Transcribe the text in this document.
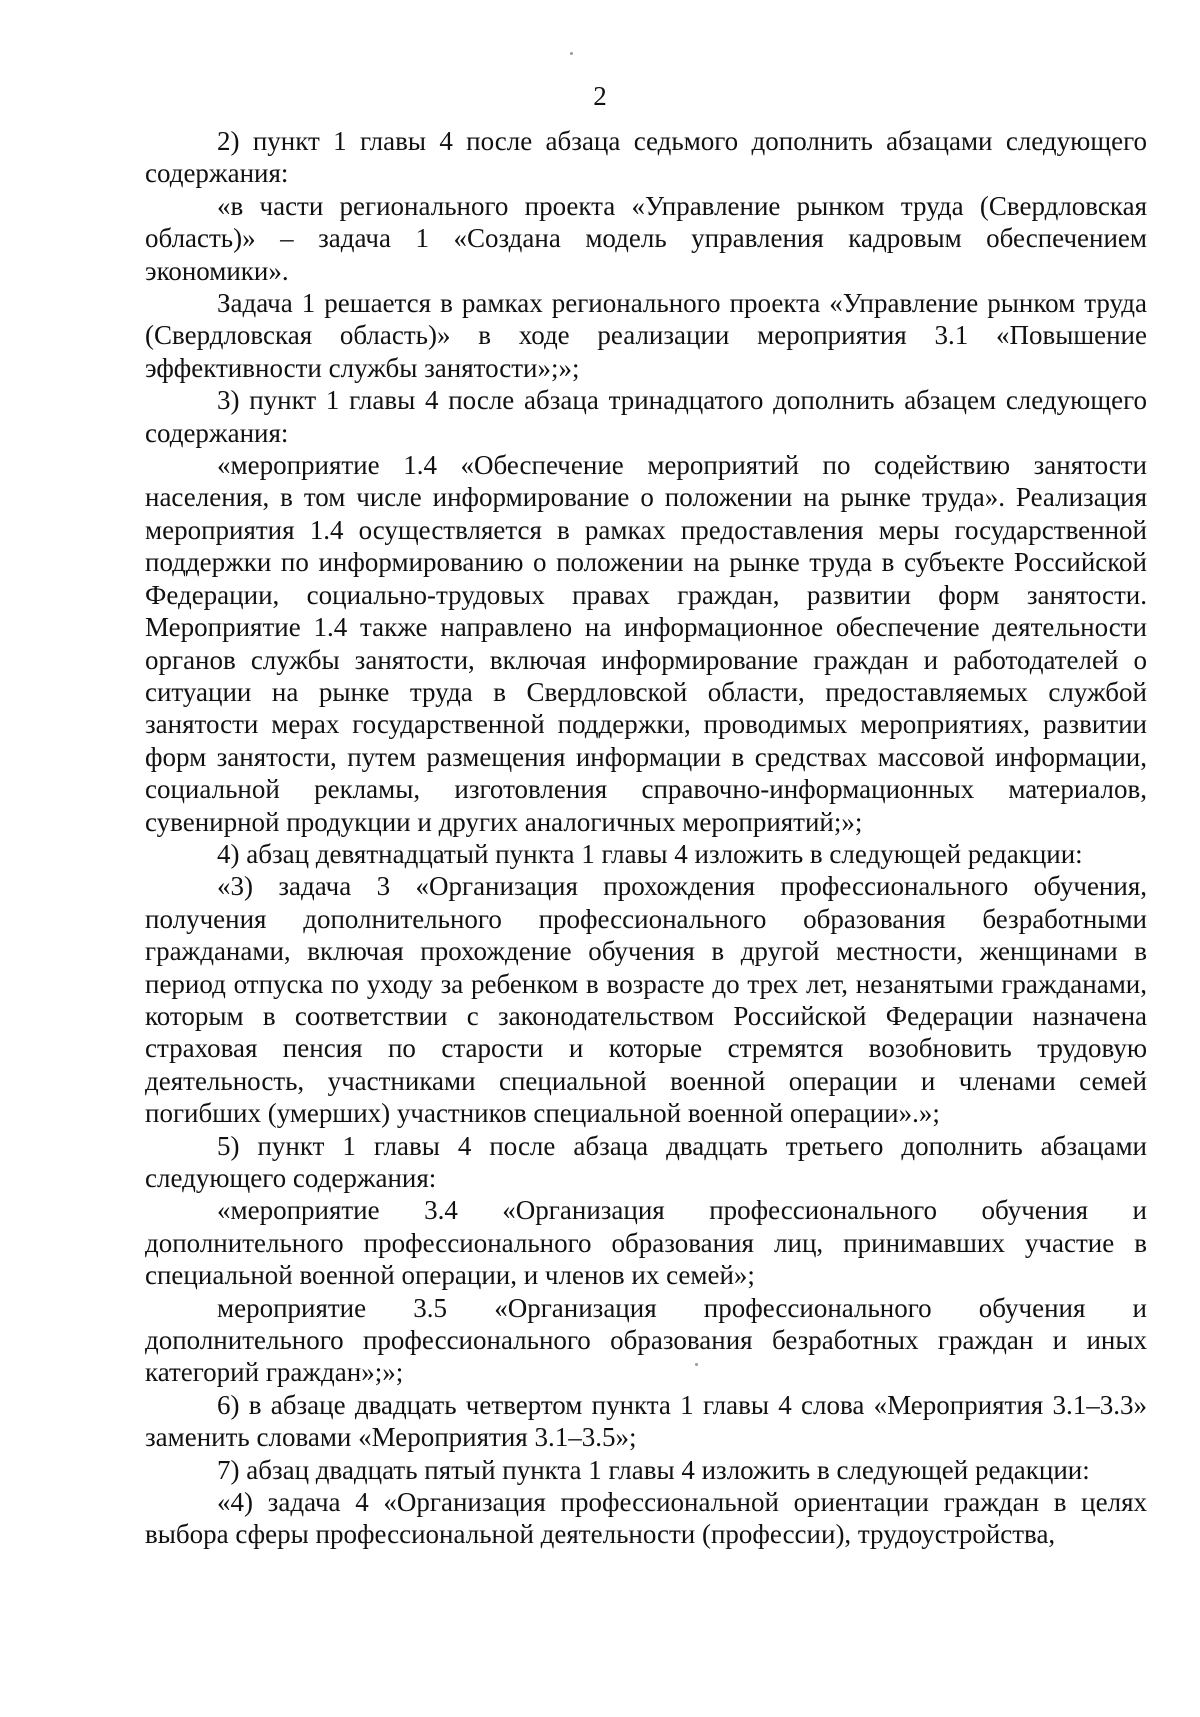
2

2) пункт 1 главы 4 после абзаца седьмого дополнить абзацами следующего содержания:

«в части регионального проекта «Управление рынком труда (Свердловская область)» – задача 1 «Создана модель управления кадровым обеспечением экономики».

Задача 1 решается в рамках регионального проекта «Управление рынком труда (Свердловская область)» в ходе реализации мероприятия 3.1 «Повышение эффективности службы занятости»;»;

3) пункт 1 главы 4 после абзаца тринадцатого дополнить абзацем следующего содержания:

«мероприятие 1.4 «Обеспечение мероприятий по содействию занятости населения, в том числе информирование о положении на рынке труда». Реализация мероприятия 1.4 осуществляется в рамках предоставления меры государственной поддержки по информированию о положении на рынке труда в субъекте Российской Федерации, социально-трудовых правах граждан, развитии форм занятости. Мероприятие 1.4 также направлено на информационное обеспечение деятельности органов службы занятости, включая информирование граждан и работодателей о ситуации на рынке труда в Свердловской области, предоставляемых службой занятости мерах государственной поддержки, проводимых мероприятиях, развитии форм занятости, путем размещения информации в средствах массовой информации, социальной рекламы, изготовления справочно-информационных материалов, сувенирной продукции и других аналогичных мероприятий;»;

4) абзац девятнадцатый пункта 1 главы 4 изложить в следующей редакции:

«3) задача 3 «Организация прохождения профессионального обучения, получения дополнительного профессионального образования безработными гражданами, включая прохождение обучения в другой местности, женщинами в период отпуска по уходу за ребенком в возрасте до трех лет, незанятыми гражданами, которым в соответствии с законодательством Российской Федерации назначена страховая пенсия по старости и которые стремятся возобновить трудовую деятельность, участниками специальной военной операции и членами семей погибших (умерших) участников специальной военной операции».»;

5) пункт 1 главы 4 после абзаца двадцать третьего дополнить абзацами следующего содержания:

«мероприятие 3.4 «Организация профессионального обучения и дополнительного профессионального образования лиц, принимавших участие в специальной военной операции, и членов их семей»;

мероприятие 3.5 «Организация профессионального обучения и дополнительного профессионального образования безработных граждан и иных категорий граждан»;»;

6) в абзаце двадцать четвертом пункта 1 главы 4 слова «Мероприятия 3.1–3.3» заменить словами «Мероприятия 3.1–3.5»;

7) абзац двадцать пятый пункта 1 главы 4 изложить в следующей редакции:

«4) задача 4 «Организация профессиональной ориентации граждан в целях выбора сферы профессиональной деятельности (профессии), трудоустройства,
